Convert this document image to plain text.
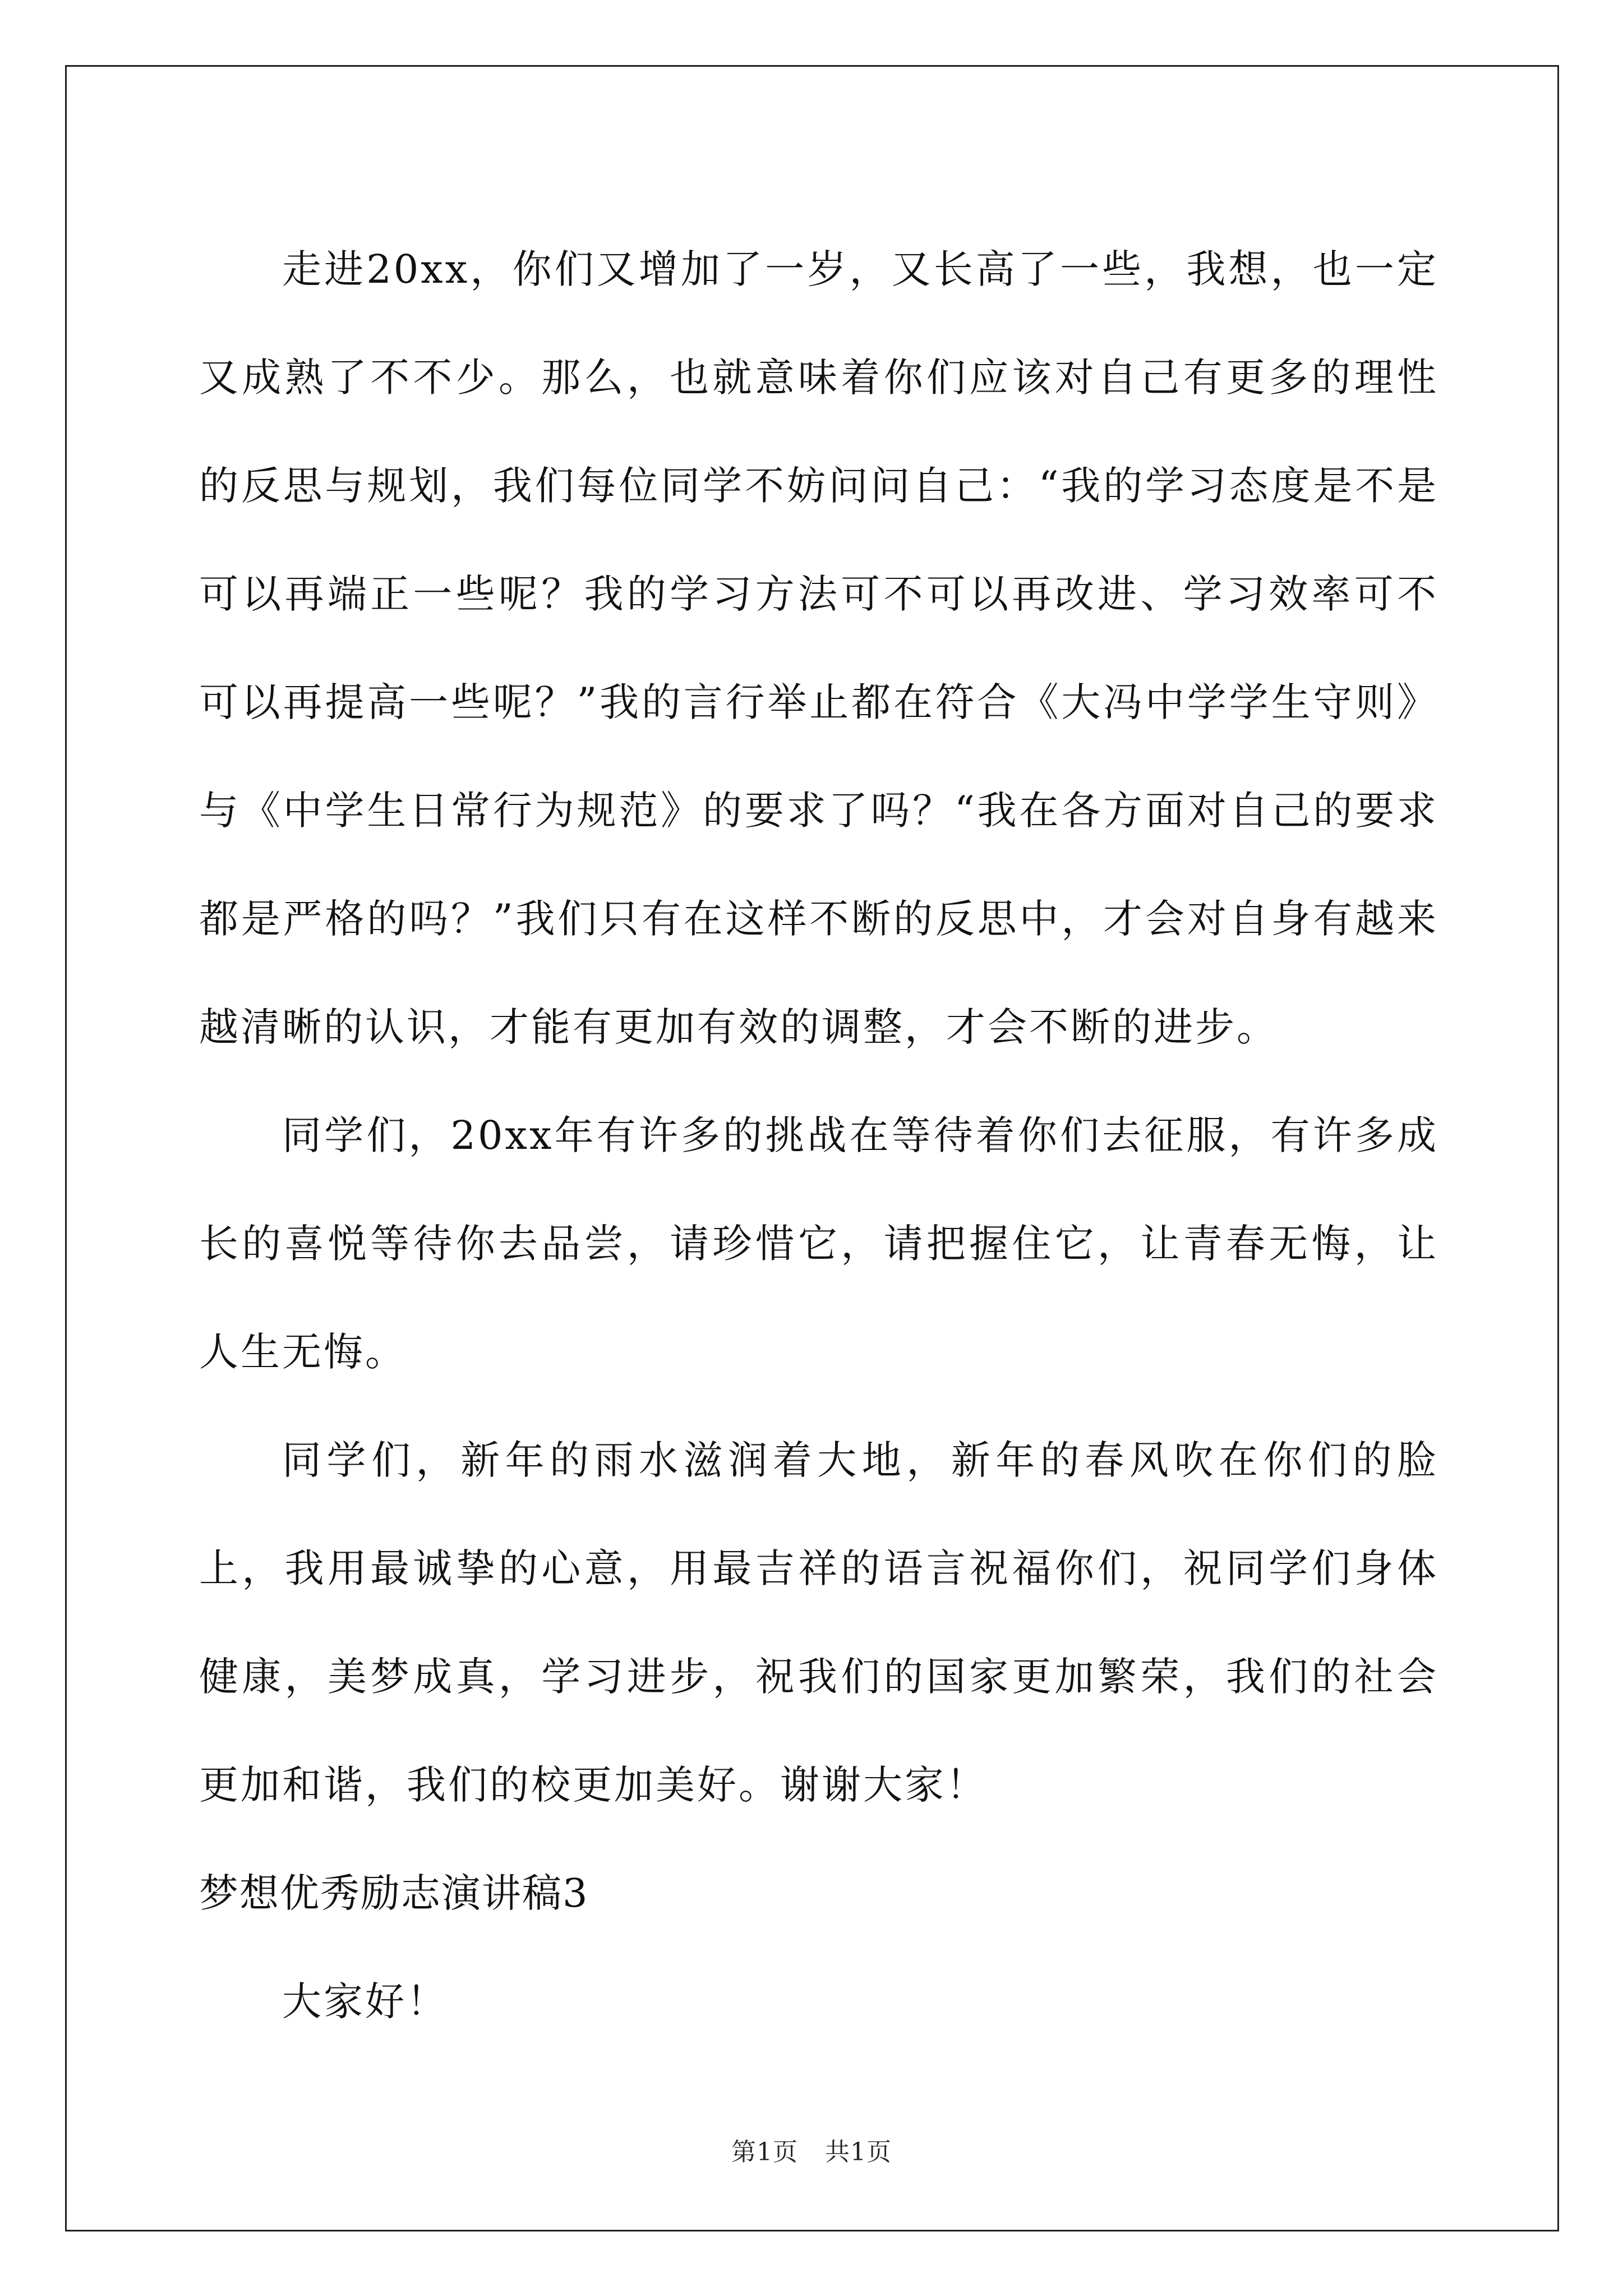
走进20xx，你们又增加了一岁，又长高了一些，我想，也一定又成熟了不不少。那么，也就意味着你们应该对自己有更多的理性的反思与规划，我们每位同学不妨问问自己：“我的学习态度是不是可以再端正一些呢？我的学习方法可不可以再改进、学习效率可不可以再提高一些呢？”我的言行举止都在符合《大冯中学学生守则》与《中学生日常行为规范》的要求了吗？“我在各方面对自己的要求都是严格的吗？”我们只有在这样不断的反思中，才会对自身有越来越清晰的认识，才能有更加有效的调整，才会不断的进步。

同学们，20xx年有许多的挑战在等待着你们去征服，有许多成长的喜悦等待你去品尝，请珍惜它，请把握住它，让青春无悔，让人生无悔。

同学们，新年的雨水滋润着大地，新年的春风吹在你们的脸上，我用最诚挚的心意，用最吉祥的语言祝福你们，祝同学们身体健康，美梦成真，学习进步，祝我们的国家更加繁荣，我们的社会更加和谐，我们的校更加美好。谢谢大家！

梦想优秀励志演讲稿3

大家好！

第1页 共1页
